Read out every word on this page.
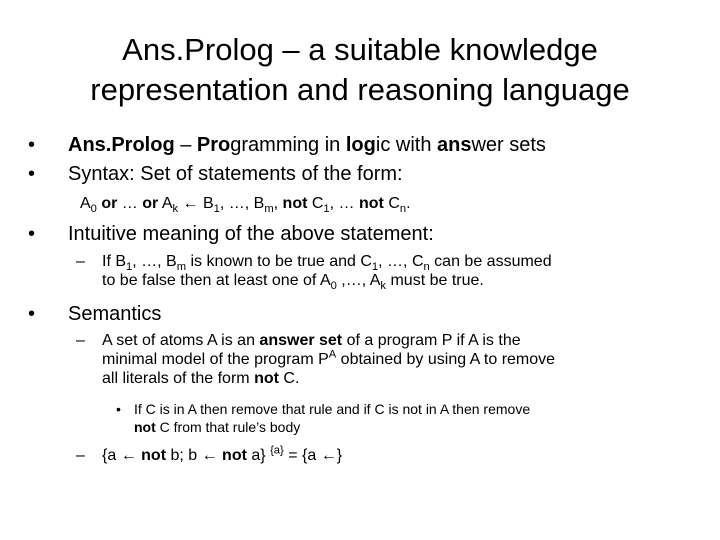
Ans.Prolog – a suitable knowledge
representation and reasoning language
• Ans.Prolog – Programming in logic with answer sets
• Syntax: Set of statements of the form:
$A_0$ or … or $A_k$ ← $B_1$, …, $B_m$, not $C_1$, … not $C_n$.
• Intuitive meaning of the above statement:
– If $B_1$, …, $B_m$ is known to be true and $C_1$, …, $C_n$ can be assumed
to be false then at least one of $A_0$ ,…, $A_k$ must be true.
• Semantics
– A set of atoms A is an answer set of a program P if A is the
minimal model of the program $P^A$ obtained by using A to remove
all literals of the form not C.
• If C is in A then remove that rule and if C is not in A then remove
not C from that rule’s body
– {a ← not b; b ← not a} $^{\{a\}}$ = {a ←}
